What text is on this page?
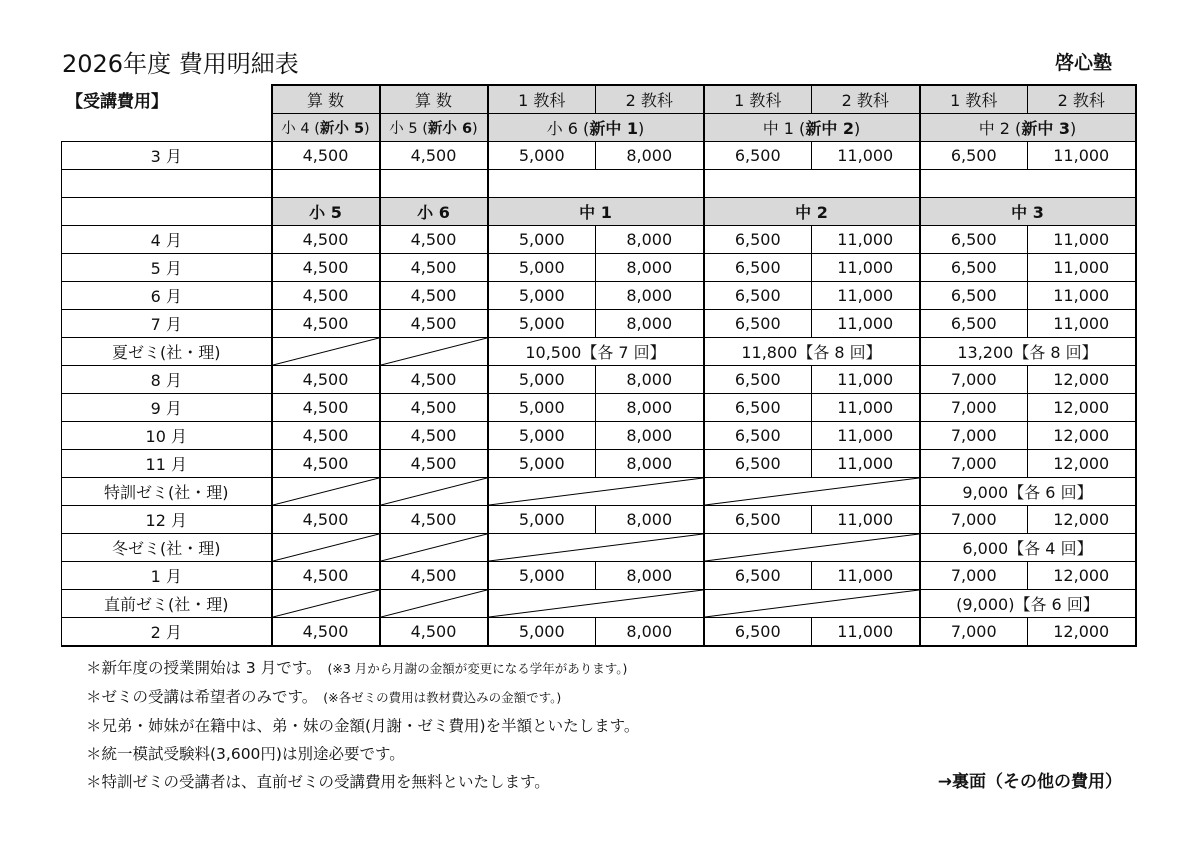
2026年度 費用明細表	啓心塾
	算 数	算 数	1 教科	2 教科	1 教科	2 教科	1 教科	2 教科
	小 4 (新小 5)	小 5 (新小 6)	小 6 (新中 1)		中 1 (新中 2)		中 2 (新中 3)	
3 月	4,500	4,500	5,000	8,000	6,500	11,000	6,500	11,000

	小 5	小 6	中 1		中 2		中 3	
4 月	4,500	4,500	5,000	8,000	6,500	11,000	6,500	11,000
5 月	4,500	4,500	5,000	8,000	6,500	11,000	6,500	11,000
6 月	4,500	4,500	5,000	8,000	6,500	11,000	6,500	11,000
7 月	4,500	4,500	5,000	8,000	6,500	11,000	6,500	11,000
夏ゼミ(社・理)			10,500【各 7 回】		11,800【各 8 回】		13,200【各 8 回】	
8 月	4,500	4,500	5,000	8,000	6,500	11,000	7,000	12,000
9 月	4,500	4,500	5,000	8,000	6,500	11,000	7,000	12,000
10 月	4,500	4,500	5,000	8,000	6,500	11,000	7,000	12,000
11 月	4,500	4,500	5,000	8,000	6,500	11,000	7,000	12,000
特訓ゼミ(社・理)							9,000【各 6 回】	
12 月	4,500	4,500	5,000	8,000	6,500	11,000	7,000	12,000
冬ゼミ(社・理)							6,000【各 4 回】	
1 月	4,500	4,500	5,000	8,000	6,500	11,000	7,000	12,000
直前ゼミ(社・理)							(9,000)【各 6 回】	
2 月	4,500	4,500	5,000	8,000	6,500	11,000	7,000	12,000
【受講費用】
＊新年度の授業開始は 3 月です。 (※3 月から月謝の金額が変更になる学年があります。)
＊ゼミの受講は希望者のみです。 (※各ゼミの費用は教材費込みの金額です。)
＊兄弟・姉妹が在籍中は、弟・妹の金額(月謝・ゼミ費用)を半額といたします。
＊統一模試受験料(3,600円)は別途必要です。
＊特訓ゼミの受講者は、直前ゼミの受講費用を無料といたします。	→裏面（その他の費用）
